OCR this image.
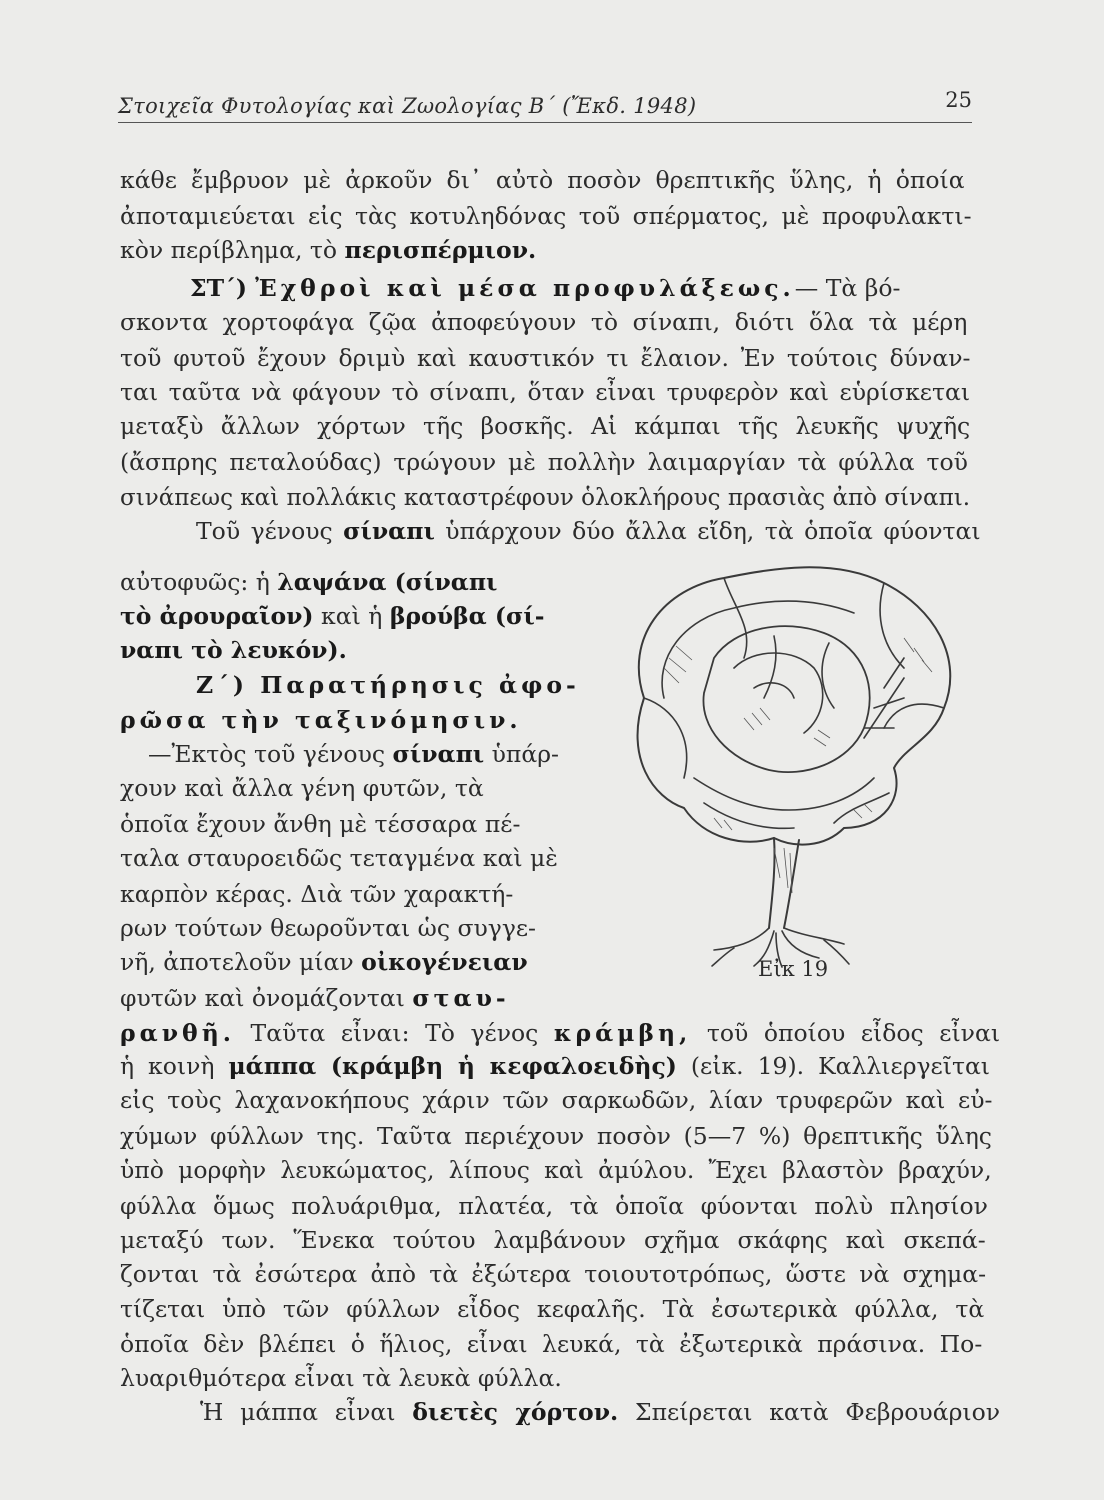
Στοιχεῖα Φυτολογίας καὶ Ζωολογίας Β΄ (Ἔκδ. 1948)	25
κάθε ἔμβρυον μὲ ἀρκοῦν δι᾽ αὐτὸ ποσὸν θρεπτικῆς ὕλης, ἡ ὁποία
ἀποταμιεύεται εἰς τὰς κοτυληδόνας τοῦ σπέρματος, μὲ προφυλακτι-
κὸν περίβλημα, τὸ περισπέρμιον.
ΣΤ΄) Ἐχθροὶ καὶ μέσα προφυλάξεως.— Τὰ βό-
σκοντα χορτοφάγα ζῷα ἀποφεύγουν τὸ σίναπι, διότι ὅλα τὰ μέρη
τοῦ φυτοῦ ἔχουν δριμὺ καὶ καυστικόν τι ἔλαιον. Ἐν τούτοις δύναν-
ται ταῦτα νὰ φάγουν τὸ σίναπι, ὅταν εἶναι τρυφερὸν καὶ εὑρίσκεται
μεταξὺ ἄλλων χόρτων τῆς βοσκῆς. Αἱ κάμπαι τῆς λευκῆς ψυχῆς
(ἄσπρης πεταλούδας) τρώγουν μὲ πολλὴν λαιμαργίαν τὰ φύλλα τοῦ
σινάπεως καὶ πολλάκις καταστρέφουν ὁλοκλήρους πρασιὰς ἀπὸ σίναπι.
Τοῦ γένους σίναπι ὑπάρχουν δύο ἄλλα εἴδη, τὰ ὁποῖα φύονται
αὐτοφυῶς: ἡ λαψάνα (σίναπι
τὸ ἀρουραῖον) καὶ ἡ βρούβα (σί-
ναπι τὸ λευκόν).
Ζ΄) Παρατήρησις ἀφο-
ρῶσα τὴν ταξινόμησιν.
—Ἐκτὸς τοῦ γένους σίναπι ὑπάρ-
χουν καὶ ἄλλα γένη φυτῶν, τὰ
ὁποῖα ἔχουν ἄνθη μὲ τέσσαρα πέ-
ταλα σταυροειδῶς τεταγμένα καὶ μὲ
καρπὸν κέρας. Διὰ τῶν χαρακτή-
ρων τούτων θεωροῦνται ὡς συγγε-
νῆ, ἀποτελοῦν μίαν οἰκογένειαν
φυτῶν καὶ ὀνομάζονται σταυ-
ρανθῆ. Ταῦτα εἶναι: Τὸ γένος κράμβη, τοῦ ὁποίου εἶδος εἶναι
ἡ κοινὴ μάππα (κράμβη ἡ κεφαλοειδὴς) (εἰκ. 19). Καλλιεργεῖται
εἰς τοὺς λαχανοκήπους χάριν τῶν σαρκωδῶν, λίαν τρυφερῶν καὶ εὐ-
χύμων φύλλων της. Ταῦτα περιέχουν ποσὸν (5—7 %) θρεπτικῆς ὕλης
ὑπὸ μορφὴν λευκώματος, λίπους καὶ ἀμύλου. Ἔχει βλαστὸν βραχύν,
φύλλα ὅμως πολυάριθμα, πλατέα, τὰ ὁποῖα φύονται πολὺ πλησίον
μεταξύ των. Ἕνεκα τούτου λαμβάνουν σχῆμα σκάφης καὶ σκεπά-
ζονται τὰ ἐσώτερα ἀπὸ τὰ ἐξώτερα τοιουτοτρόπως, ὥστε νὰ σχημα-
τίζεται ὑπὸ τῶν φύλλων εἶδος κεφαλῆς. Τὰ ἐσωτερικὰ φύλλα, τὰ
ὁποῖα δὲν βλέπει ὁ ἥλιος, εἶναι λευκά, τὰ ἐξωτερικὰ πράσινα. Πο-
λυαριθμότερα εἶναι τὰ λευκὰ φύλλα.
Ἡ μάππα εἶναι διετὲς χόρτον. Σπείρεται κατὰ Φεβρουάριον
Εἰκ 19
